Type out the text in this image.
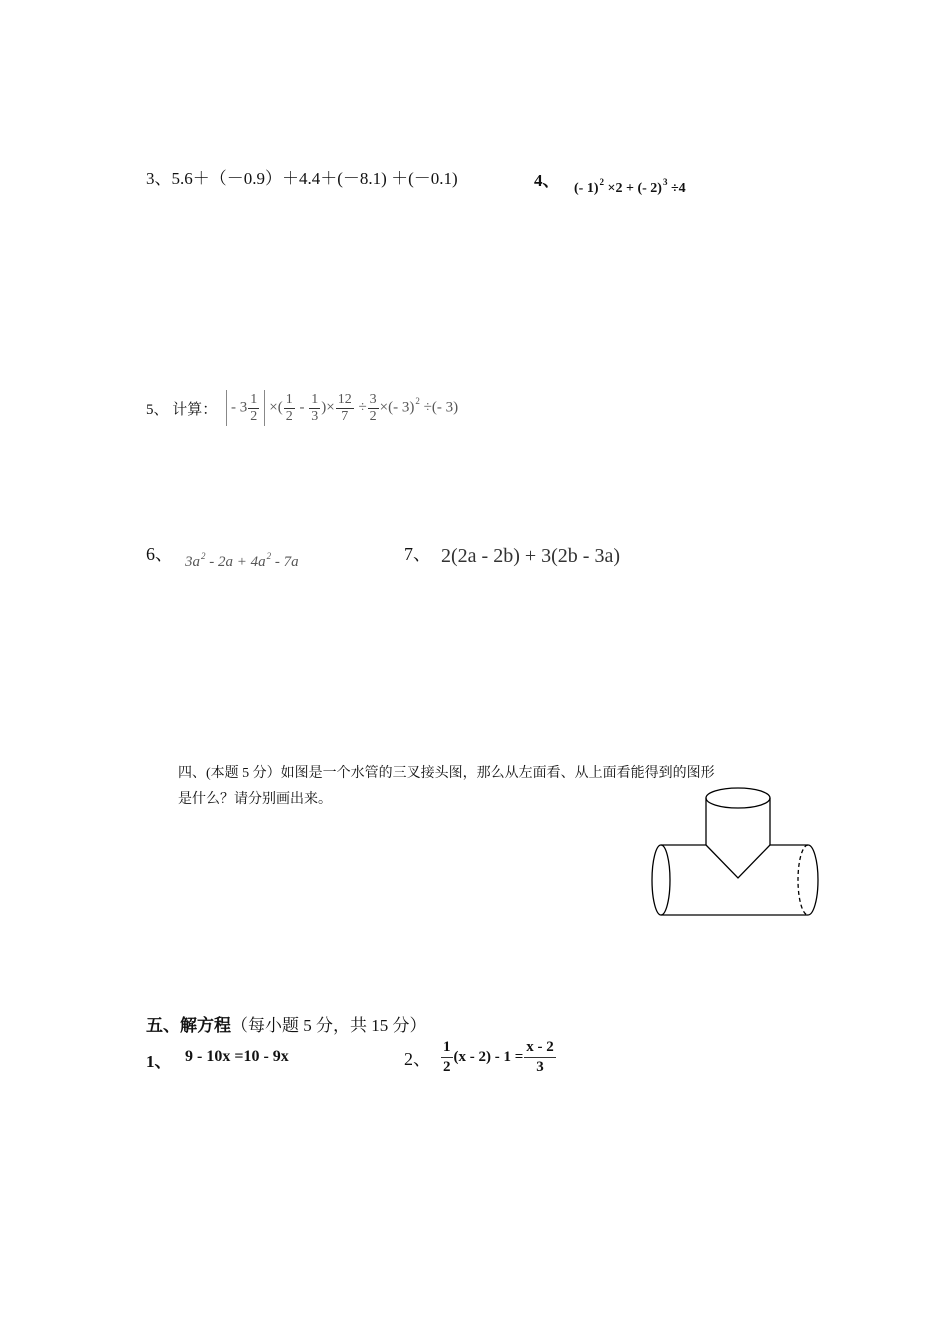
3、5.6＋（－0.9）＋4.4＋(－8.1) ＋(－0.1)	4、 (- 1)$^2$ ×2 + (- 2)$^3$ ÷4
5、 计算： - $3 \frac{1}{2}$ ×( $\frac{1}{2} - \frac{1}{3}$ )× $\frac{12}{7} \div \frac{3}{2}$ ×(- 3)$^2$ ÷(- 3)
6、 $3a^2 - 2a + 4a^2 - 7a$	7、 2(2a - 2b) + 3(2b - 3a)
四、(本题 5 分）如图是一个水管的三叉接头图，那么从左面看、从上面看能得到的图形
是什么？请分别画出来。
五、解方程（每小题 5 分，共 15 分）
1、 9 - 10x =10 - 9x	2、 $\frac{1}{2} (x - 2) - 1 = \frac{x - 2}{3}$
